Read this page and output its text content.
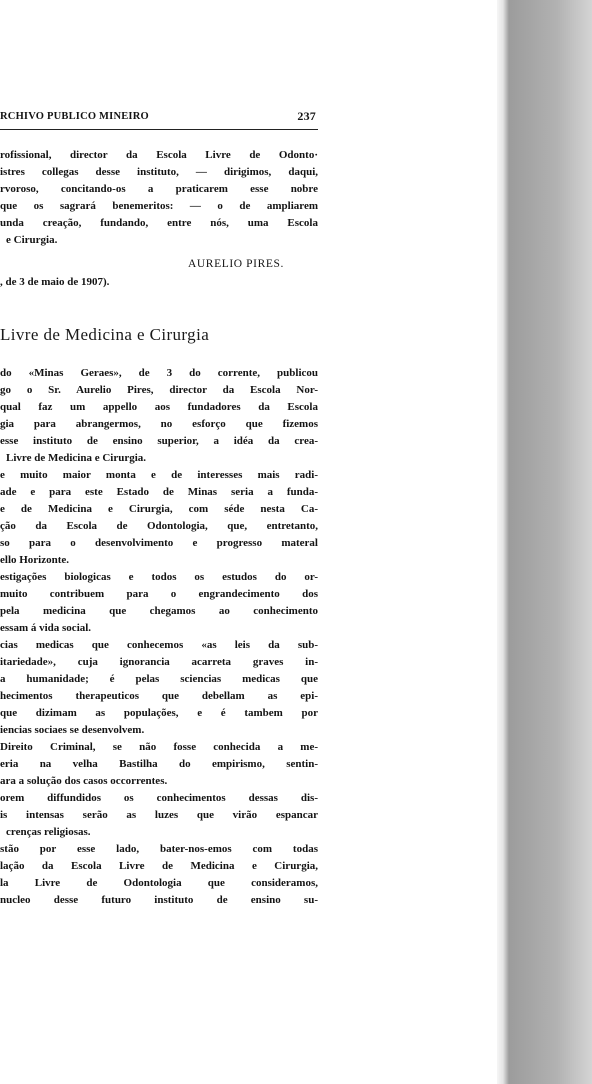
RCHIVO PUBLICO MINEIRO	237
rofissional, director da Escola Livre de Odonto·
istres collegas desse instituto, — dirigimos, daqui,
rvoroso, concitando-os a praticarem esse nobre
que os sagrará benemeritos: — o de ampliarem
unda creação, fundando, entre nós, uma Escola
e Cirurgia.
AURELIO PIRES.
, de 3 de maio de 1907).
Livre de Medicina e Cirurgia
do «Minas Geraes», de 3 do corrente, publicou
go o Sr. Aurelio Pires, director da Escola Nor-
qual faz um appello aos fundadores da Escola
gia para abrangermos, no esforço que fizemos
esse instituto de ensino superior, a idéa da crea-
Livre de Medicina e Cirurgia.
e muito maior monta e de interesses mais radi-
ade e para este Estado de Minas seria a funda-
e de Medicina e Cirurgia, com séde nesta Ca-
ção da Escola de Odontologia, que, entretanto,
so para o desenvolvimento e progresso materal
ello Horizonte.
estigações biologicas e todos os estudos do or-
muito contribuem para o engrandecimento dos
pela medicina que chegamos ao conhecimento
essam á vida social.
cias medicas que conhecemos «as leis da sub-
itariedade», cuja ignorancia acarreta graves in-
a humanidade; é pelas sciencias medicas que
hecimentos therapeuticos que debellam as epi-
que dizimam as populações, e é tambem por
iencias sociaes se desenvolvem.
Direito Criminal, se não fosse conhecida a me-
eria na velha Bastilha do empirismo, sentin-
ara a solução dos casos occorrentes.
orem diffundidos os conhecimentos dessas dis-
is intensas serão as luzes que virão espancar
crenças religiosas.
stão por esse lado, bater-nos-emos com todas
lação da Escola Livre de Medicina e Cirurgia,
la Livre de Odontologia que consideramos,
nucleo desse futuro instituto de ensino su-
